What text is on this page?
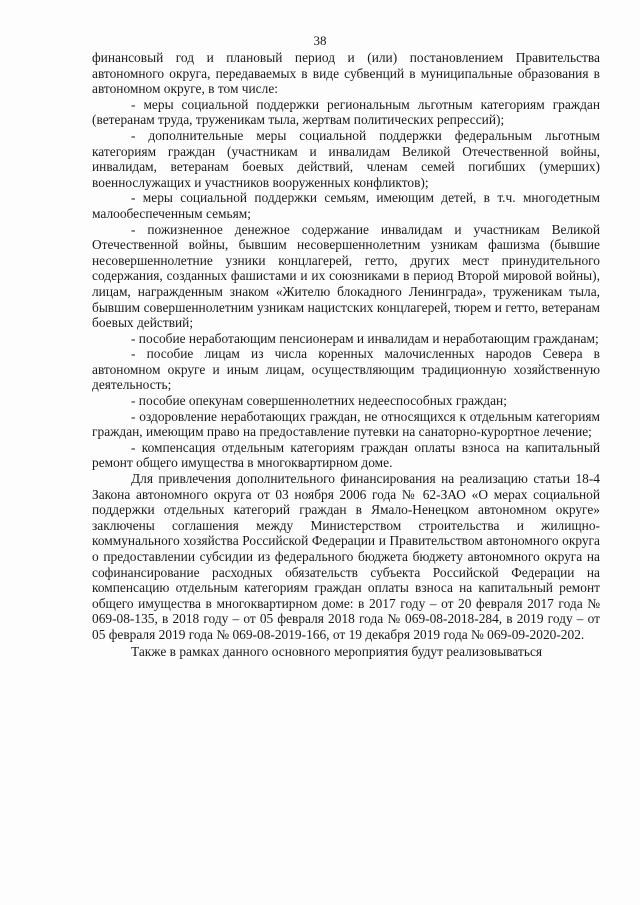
38

финансовый год и плановый период и (или) постановлением Правительства автономного округа, передаваемых в виде субвенций в муниципальные образования в автономном округе, в том числе:

- меры социальной поддержки региональным льготным категориям граждан (ветеранам труда, труженикам тыла, жертвам политических репрессий);

- дополнительные меры социальной поддержки федеральным льготным категориям граждан (участникам и инвалидам Великой Отечественной войны, инвалидам, ветеранам боевых действий, членам семей погибших (умерших) военнослужащих и участников вооруженных конфликтов);

- меры социальной поддержки семьям, имеющим детей, в т.ч. многодетным малообеспеченным семьям;

- пожизненное денежное содержание инвалидам и участникам Великой Отечественной войны, бывшим несовершеннолетним узникам фашизма (бывшие несовершеннолетние узники концлагерей, гетто, других мест принудительного содержания, созданных фашистами и их союзниками в период Второй мировой войны), лицам, награжденным знаком «Жителю блокадного Ленинграда», труженикам тыла, бывшим совершеннолетним узникам нацистских концлагерей, тюрем и гетто, ветеранам боевых действий;

- пособие неработающим пенсионерам и инвалидам и неработающим гражданам;

- пособие лицам из числа коренных малочисленных народов Севера в автономном округе и иным лицам, осуществляющим традиционную хозяйственную деятельность;

- пособие опекунам совершеннолетних недееспособных граждан;

- оздоровление неработающих граждан, не относящихся к отдельным категориям граждан, имеющим право на предоставление путевки на санаторно-курортное лечение;

- компенсация отдельным категориям граждан оплаты взноса на капитальный ремонт общего имущества в многоквартирном доме.

Для привлечения дополнительного финансирования на реализацию статьи 18-4 Закона автономного округа от 03 ноября 2006 года № 62-ЗАО «О мерах социальной поддержки отдельных категорий граждан в Ямало-Ненецком автономном округе» заключены соглашения между Министерством строительства и жилищно-коммунального хозяйства Российской Федерации и Правительством автономного округа о предоставлении субсидии из федерального бюджета бюджету автономного округа на софинансирование расходных обязательств субъекта Российской Федерации на компенсацию отдельным категориям граждан оплаты взноса на капитальный ремонт общего имущества в многоквартирном доме: в 2017 году – от 20 февраля 2017 года № 069-08-135, в 2018 году – от 05 февраля 2018 года № 069-08-2018-284, в 2019 году – от 05 февраля 2019 года № 069-08-2019-166, от 19 декабря 2019 года № 069-09-2020-202.

Также в рамках данного основного мероприятия будут реализовываться
